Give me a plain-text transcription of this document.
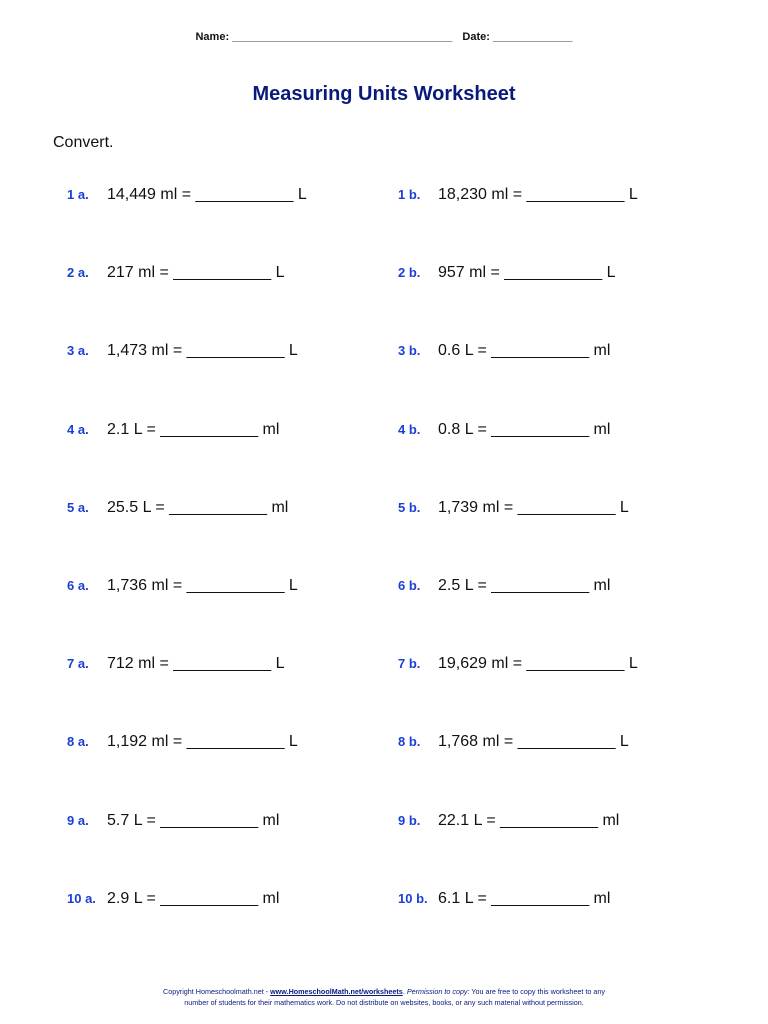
Name: ____________________________________ Date: _____________
Measuring Units Worksheet
Convert.
1 a. 14,449 ml = ___________ L	1 b. 18,230 ml = ___________ L
2 a. 217 ml = ___________ L	2 b. 957 ml = ___________ L
3 a. 1,473 ml = ___________ L	3 b. 0.6 L = ___________ ml
4 a. 2.1 L = ___________ ml	4 b. 0.8 L = ___________ ml
5 a. 25.5 L = ___________ ml	5 b. 1,739 ml = ___________ L
6 a. 1,736 ml = ___________ L	6 b. 2.5 L = ___________ ml
7 a. 712 ml = ___________ L	7 b. 19,629 ml = ___________ L
8 a. 1,192 ml = ___________ L	8 b. 1,768 ml = ___________ L
9 a. 5.7 L = ___________ ml	9 b. 22.1 L = ___________ ml
10 a. 2.9 L = ___________ ml	10 b. 6.1 L = ___________ ml
Copyright Homeschoolmath.net - www.HomeschoolMath.net/worksheets. Permission to copy: You are free to copy this worksheet to any
number of students for their mathematics work. Do not distribute on websites, books, or any such material without permission.
